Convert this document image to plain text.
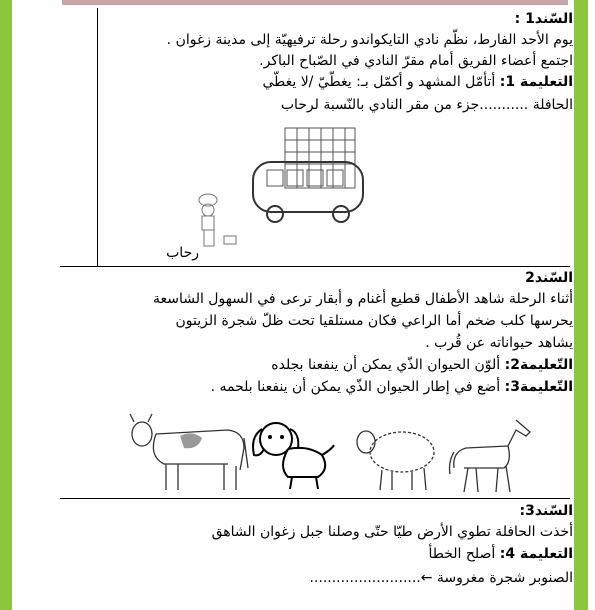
السّند1 :
يوم الأحد الفارط، نظّم نادي التايكواندو رحلة ترفيهيّة إلى مدينة زغوان .
اجتمع أعضاء الفريق أمام مقرّ النادي في الصّباح الباكر.
التعليمة 1: أتأمّل المشهد و أكمّل بـ: يغطّيّ /لا يغطّي
الحافلة ...........جزء من مقر النادي بالنّسبة لرحاب
رحاب
السّند2
أثناء الرحلة شاهد الأطفال قطيع أغنام و أبقار ترعى في السهول الشاسعة
يحرسها كلب ضخم أما الراعي فكان مستلقيا تحت ظلّ شجرة الزيتون
يشاهد حيواناته عن قُرب .
التّعليمة2: ألوّن الحيوان الذّي يمكن أن ينفعنا بجلده
التّعليمة3: أضع في إطار الحيوان الذّي يمكن أن ينفعنا بلحمه .
السّند3:
أخذت الحافلة تطوي الأرض طيّا حتّى وصلنا جبل زغوان الشاهق
التعليمة 4: أصلح الخطأ
الصنوبر شجرة مغروسة ←.........................
